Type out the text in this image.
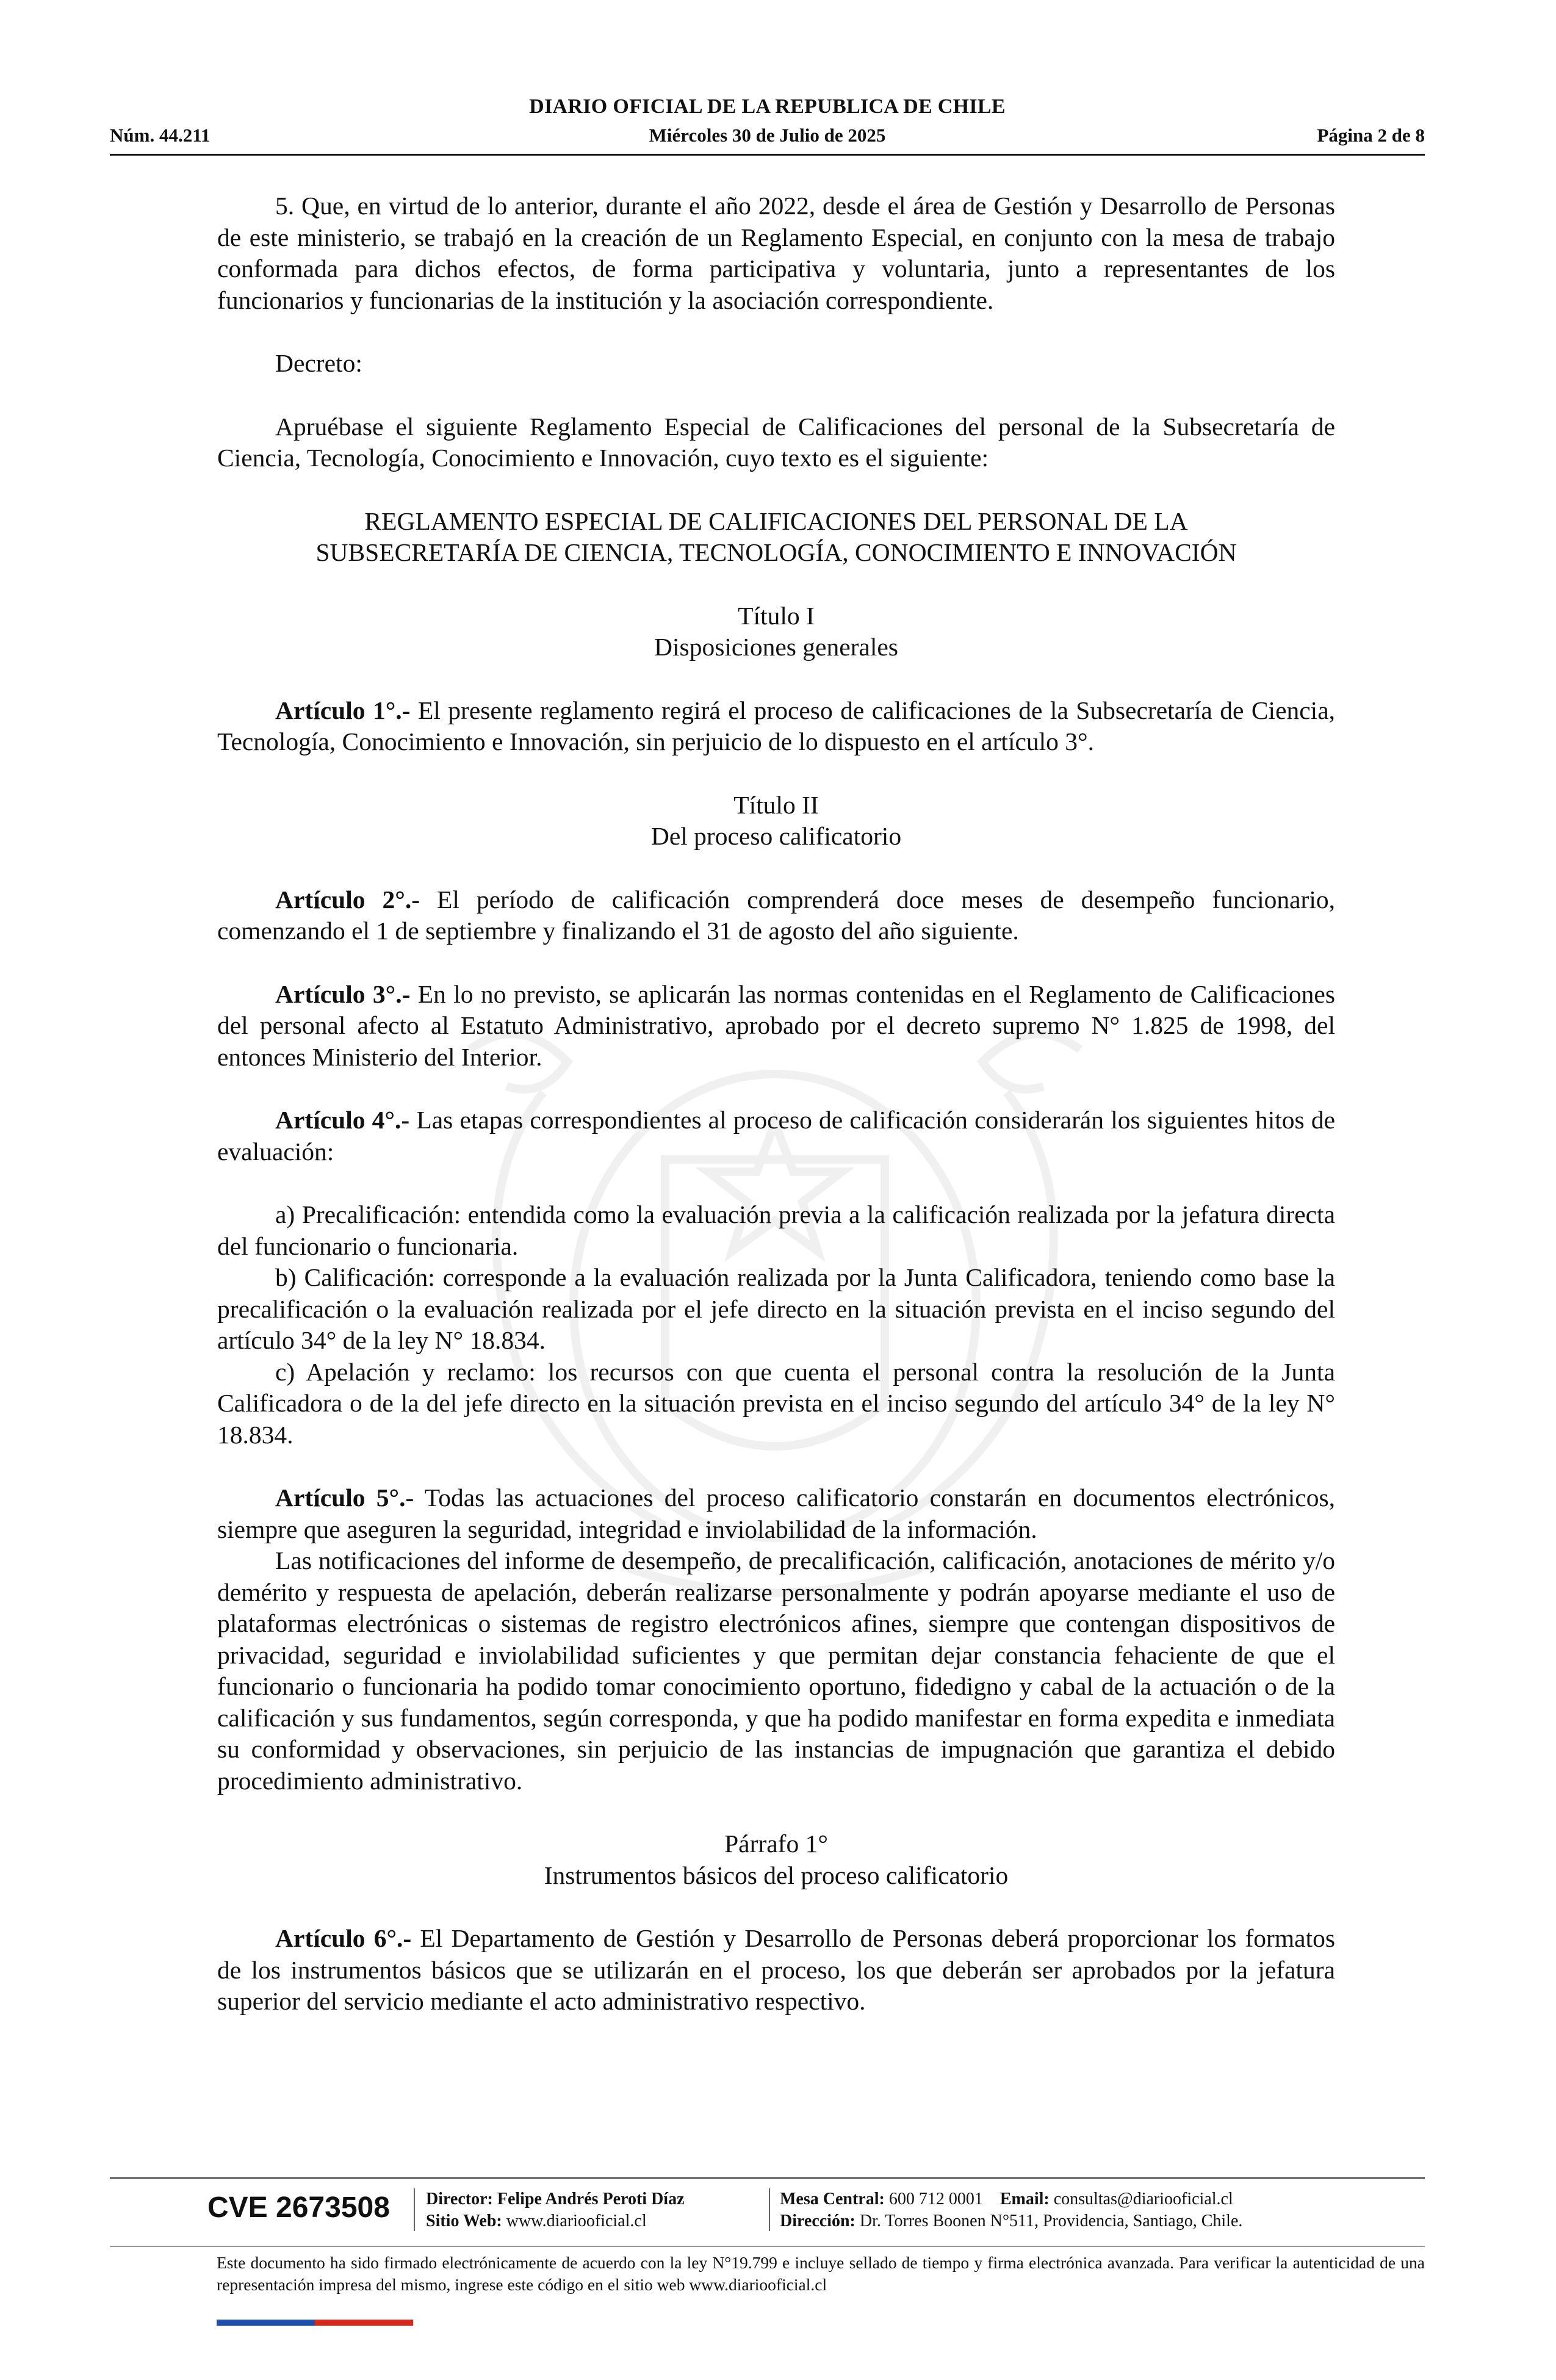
DIARIO OFICIAL DE LA REPUBLICA DE CHILE
Núm. 44.211	Miércoles 30 de Julio de 2025	Página 2 de 8

5. Que, en virtud de lo anterior, durante el año 2022, desde el área de Gestión y Desarrollo de Personas de este ministerio, se trabajó en la creación de un Reglamento Especial, en conjunto con la mesa de trabajo conformada para dichos efectos, de forma participativa y voluntaria, junto a representantes de los funcionarios y funcionarias de la institución y la asociación correspondiente.

Decreto:

Apruébase el siguiente Reglamento Especial de Calificaciones del personal de la Subsecretaría de Ciencia, Tecnología, Conocimiento e Innovación, cuyo texto es el siguiente:

REGLAMENTO ESPECIAL DE CALIFICACIONES DEL PERSONAL DE LA

SUBSECRETARÍA DE CIENCIA, TECNOLOGÍA, CONOCIMIENTO E INNOVACIÓN

Título I

Disposiciones generales

Artículo 1°.- El presente reglamento regirá el proceso de calificaciones de la Subsecretaría de Ciencia, Tecnología, Conocimiento e Innovación, sin perjuicio de lo dispuesto en el artículo 3°.

Título II

Del proceso calificatorio

Artículo 2°.- El período de calificación comprenderá doce meses de desempeño funcionario, comenzando el 1 de septiembre y finalizando el 31 de agosto del año siguiente.

Artículo 3°.- En lo no previsto, se aplicarán las normas contenidas en el Reglamento de Calificaciones del personal afecto al Estatuto Administrativo, aprobado por el decreto supremo N° 1.825 de 1998, del entonces Ministerio del Interior.

Artículo 4°.- Las etapas correspondientes al proceso de calificación considerarán los siguientes hitos de evaluación:

a) Precalificación: entendida como la evaluación previa a la calificación realizada por la jefatura directa del funcionario o funcionaria.

b) Calificación: corresponde a la evaluación realizada por la Junta Calificadora, teniendo como base la precalificación o la evaluación realizada por el jefe directo en la situación prevista en el inciso segundo del artículo 34° de la ley N° 18.834.

c) Apelación y reclamo: los recursos con que cuenta el personal contra la resolución de la Junta Calificadora o de la del jefe directo en la situación prevista en el inciso segundo del artículo 34° de la ley N° 18.834.

Artículo 5°.- Todas las actuaciones del proceso calificatorio constarán en documentos electrónicos, siempre que aseguren la seguridad, integridad e inviolabilidad de la información.

Las notificaciones del informe de desempeño, de precalificación, calificación, anotaciones de mérito y/o demérito y respuesta de apelación, deberán realizarse personalmente y podrán apoyarse mediante el uso de plataformas electrónicas o sistemas de registro electrónicos afines, siempre que contengan dispositivos de privacidad, seguridad e inviolabilidad suficientes y que permitan dejar constancia fehaciente de que el funcionario o funcionaria ha podido tomar conocimiento oportuno, fidedigno y cabal de la actuación o de la calificación y sus fundamentos, según corresponda, y que ha podido manifestar en forma expedita e inmediata su conformidad y observaciones, sin perjuicio de las instancias de impugnación que garantiza el debido procedimiento administrativo.

Párrafo 1°

Instrumentos básicos del proceso calificatorio

Artículo 6°.- El Departamento de Gestión y Desarrollo de Personas deberá proporcionar los formatos de los instrumentos básicos que se utilizarán en el proceso, los que deberán ser aprobados por la jefatura superior del servicio mediante el acto administrativo respectivo.

CVE 2673508 Director: Felipe Andrés Peroti Díaz
Sitio Web: www.diariooficial.cl
Mesa Central: 600 712 0001 Email: consultas@diariooficial.cl
Dirección: Dr. Torres Boonen N°511, Providencia, Santiago, Chile.
Este documento ha sido firmado electrónicamente de acuerdo con la ley N°19.799 e incluye sellado de tiempo y firma electrónica avanzada. Para verificar la autenticidad de una representación impresa del mismo, ingrese este código en el sitio web www.diariooficial.cl
